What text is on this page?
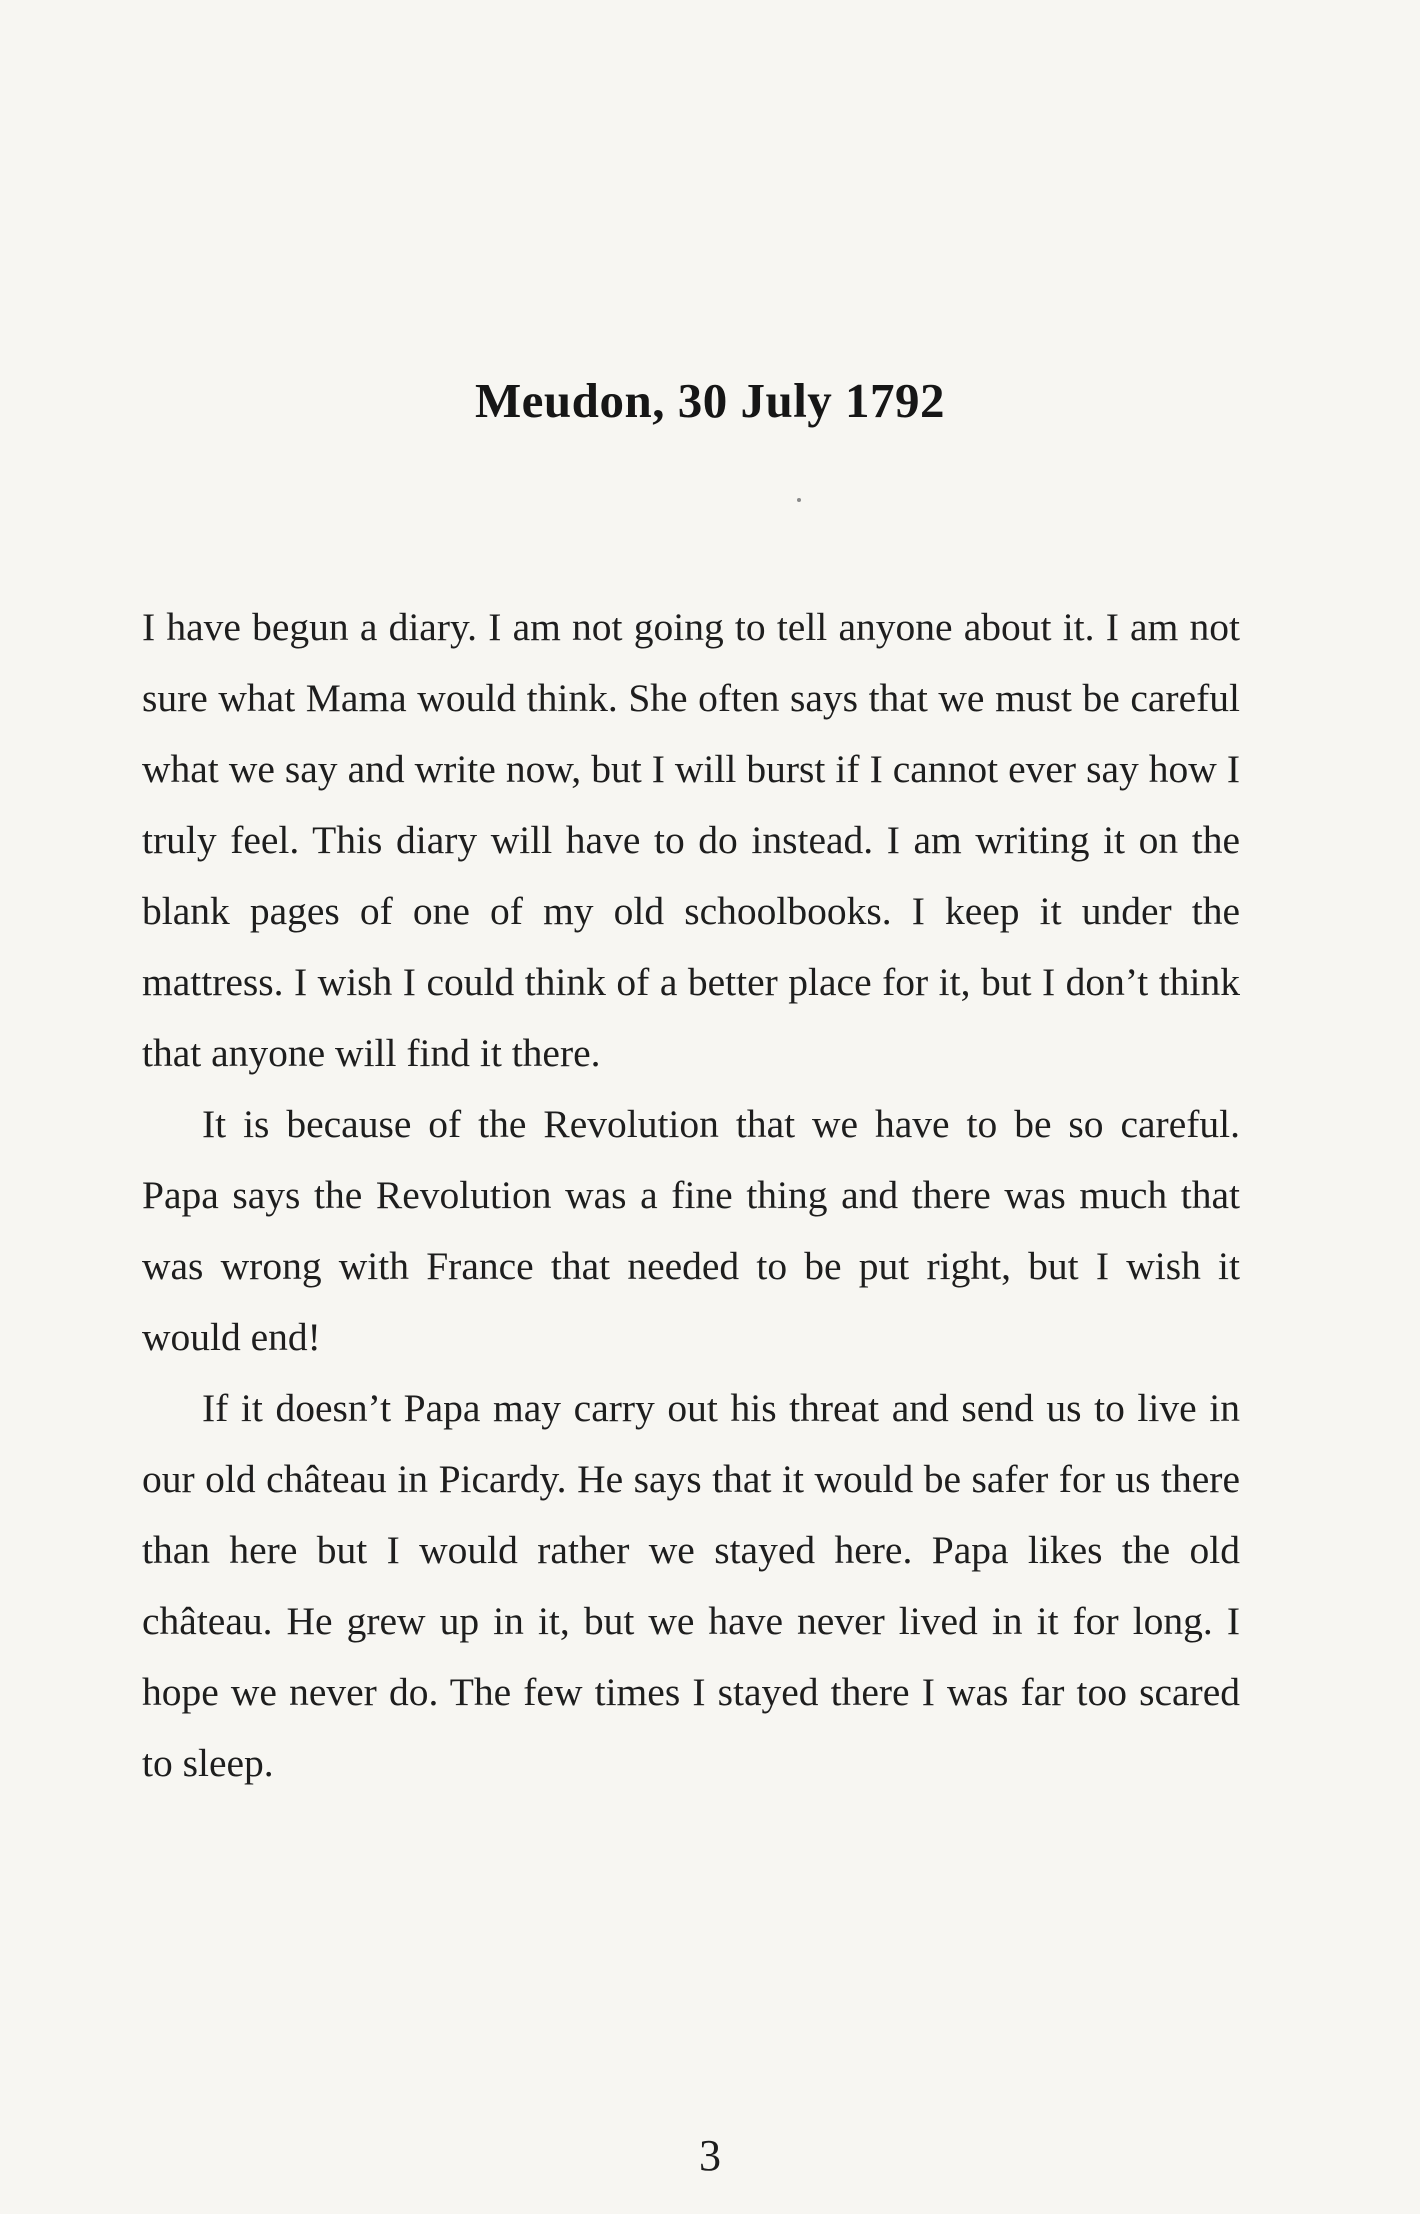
Meudon, 30 July 1792

I have begun a diary. I am not going to tell anyone about it. I am not sure what Mama would think. She often says that we must be careful what we say and write now, but I will burst if I cannot ever say how I truly feel. This diary will have to do instead. I am writing it on the blank pages of one of my old schoolbooks. I keep it under the mattress. I wish I could think of a better place for it, but I don’t think that anyone will find it there.

It is because of the Revolution that we have to be so careful. Papa says the Revolution was a fine thing and there was much that was wrong with France that needed to be put right, but I wish it would end!

If it doesn’t Papa may carry out his threat and send us to live in our old château in Picardy. He says that it would be safer for us there than here but I would rather we stayed here. Papa likes the old château. He grew up in it, but we have never lived in it for long. I hope we never do. The few times I stayed there I was far too scared to sleep.

3
